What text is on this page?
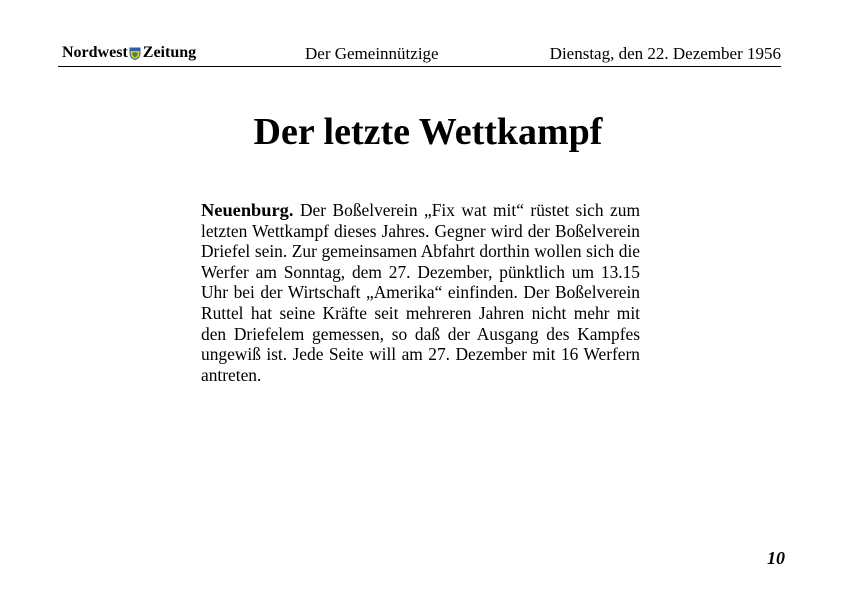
Nordwest Zeitung	Der Gemeinnützige	Dienstag, den 22. Dezember 1956
Der letzte Wettkampf

Neuenburg. Der Boßelverein „Fix wat mit“ rüstet sich zum letzten Wettkampf dieses Jahres. Gegner wird der Boßelverein Driefel sein. Zur gemeinsamen Abfahrt dorthin wollen sich die Werfer am Sonntag, dem 27. Dezember, pünktlich um 13.15 Uhr bei der Wirtschaft „Amerika“ einfinden. Der Boßelverein Ruttel hat seine Kräfte seit mehreren Jahren nicht mehr mit den Driefelem gemessen, so daß der Ausgang des Kampfes ungewiß ist. Jede Seite will am 27. Dezember mit 16 Werfern antreten.

10
